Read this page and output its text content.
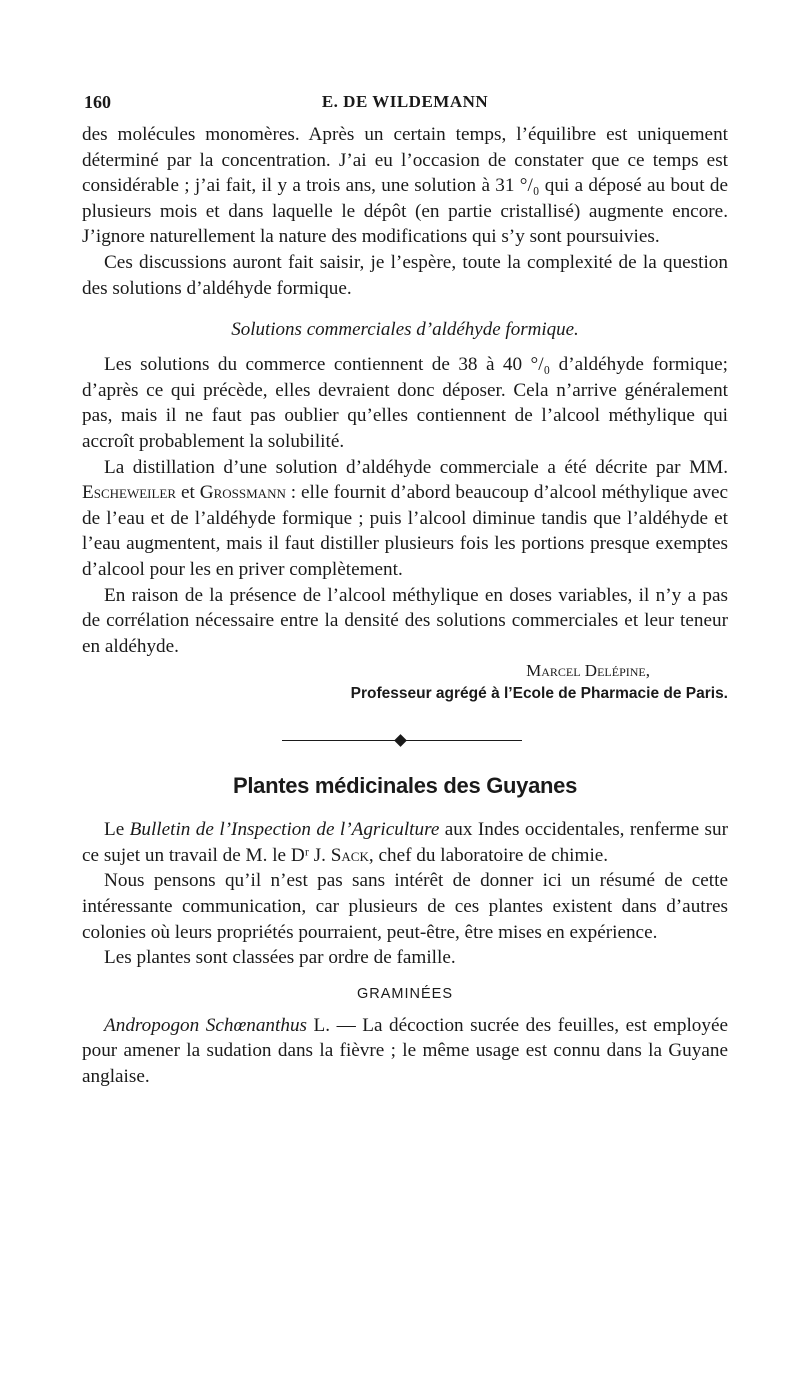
160	E. DE WILDEMANN

des molécules monomères. Après un certain temps, l’équilibre est uniquement déterminé par la concentration. J’ai eu l’occasion de constater que ce temps est considérable ; j’ai fait, il y a trois ans, une solution à 31 °/₀ qui a déposé au bout de plusieurs mois et dans laquelle le dépôt (en partie cristallisé) augmente encore. J’ignore naturellement la nature des modifications qui s’y sont poursuivies.

Ces discussions auront fait saisir, je l’espère, toute la complexité de la question des solutions d’aldéhyde formique.

Solutions commerciales d’aldéhyde formique.

Les solutions du commerce contiennent de 38 à 40 °/₀ d’aldéhyde formique; d’après ce qui précède, elles devraient donc déposer. Cela n’arrive généralement pas, mais il ne faut pas oublier qu’elles contiennent de l’alcool méthylique qui accroît probablement la solubilité.

La distillation d’une solution d’aldéhyde commerciale a été décrite par MM. Escheweiler et Grossmann : elle fournit d’abord beaucoup d’alcool méthylique avec de l’eau et de l’aldéhyde formique ; puis l’alcool diminue tandis que l’aldéhyde et l’eau augmentent, mais il faut distiller plusieurs fois les portions presque exemptes d’alcool pour les en priver complètement.

En raison de la présence de l’alcool méthylique en doses variables, il n’y a pas de corrélation nécessaire entre la densité des solutions commerciales et leur teneur en aldéhyde.

Marcel Delépine,
Professeur agrégé à l’Ecole de Pharmacie de Paris.
Plantes médicinales des Guyanes

Le Bulletin de l’Inspection de l’Agriculture aux Indes occidentales, renferme sur ce sujet un travail de M. le Dʳ J. Sack, chef du laboratoire de chimie.

Nous pensons qu’il n’est pas sans intérêt de donner ici un résumé de cette intéressante communication, car plusieurs de ces plantes existent dans d’autres colonies où leurs propriétés pourraient, peut-être, être mises en expérience.

Les plantes sont classées par ordre de famille.

GRAMINÉES

Andropogon Schœnanthus L. — La décoction sucrée des feuilles, est employée pour amener la sudation dans la fièvre ; le même usage est connu dans la Guyane anglaise.
